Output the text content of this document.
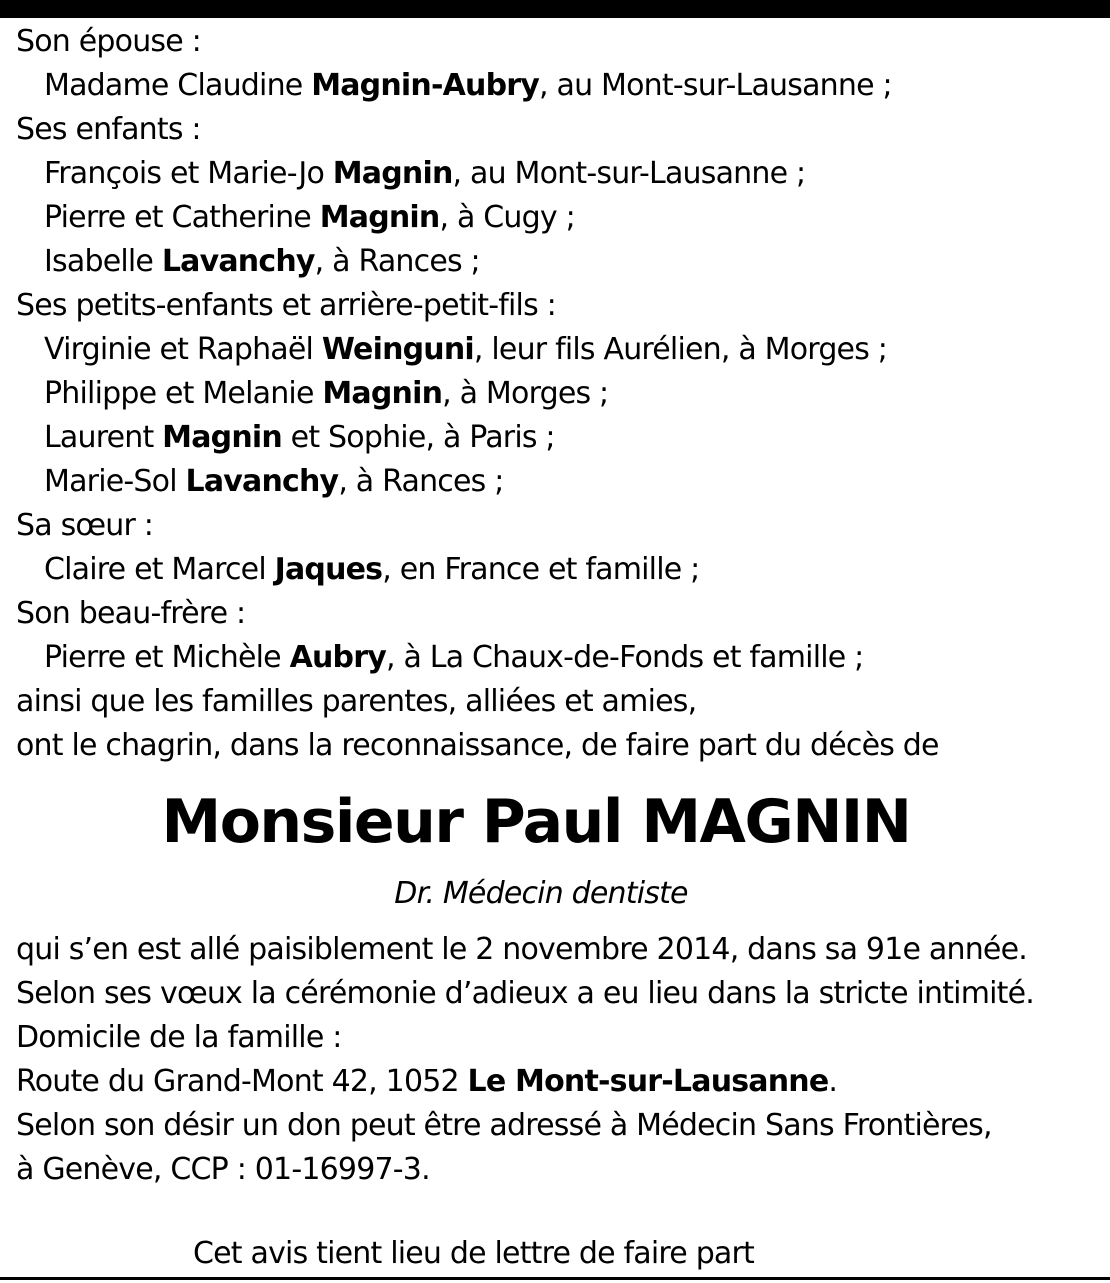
Son épouse :
Madame Claudine Magnin-Aubry, au Mont-sur-Lausanne ;
Ses enfants :
François et Marie-Jo Magnin, au Mont-sur-Lausanne ;
Pierre et Catherine Magnin, à Cugy ;
Isabelle Lavanchy, à Rances ;
Ses petits-enfants et arrière-petit-fils :
Virginie et Raphaël Weinguni, leur fils Aurélien, à Morges ;
Philippe et Melanie Magnin, à Morges ;
Laurent Magnin et Sophie, à Paris ;
Marie-Sol Lavanchy, à Rances ;
Sa sœur :
Claire et Marcel Jaques, en France et famille ;
Son beau-frère :
Pierre et Michèle Aubry, à La Chaux-de-Fonds et famille ;
ainsi que les familles parentes, alliées et amies,
ont le chagrin, dans la reconnaissance, de faire part du décès de
Monsieur Paul MAGNIN
Dr. Médecin dentiste
qui s’en est allé paisiblement le 2 novembre 2014, dans sa 91e année.
Selon ses vœux la cérémonie d’adieux a eu lieu dans la stricte intimité.
Domicile de la famille :
Route du Grand-Mont 42, 1052 Le Mont-sur-Lausanne.
Selon son désir un don peut être adressé à Médecin Sans Frontières,
à Genève, CCP : 01-16997-3.
Cet avis tient lieu de lettre de faire part
